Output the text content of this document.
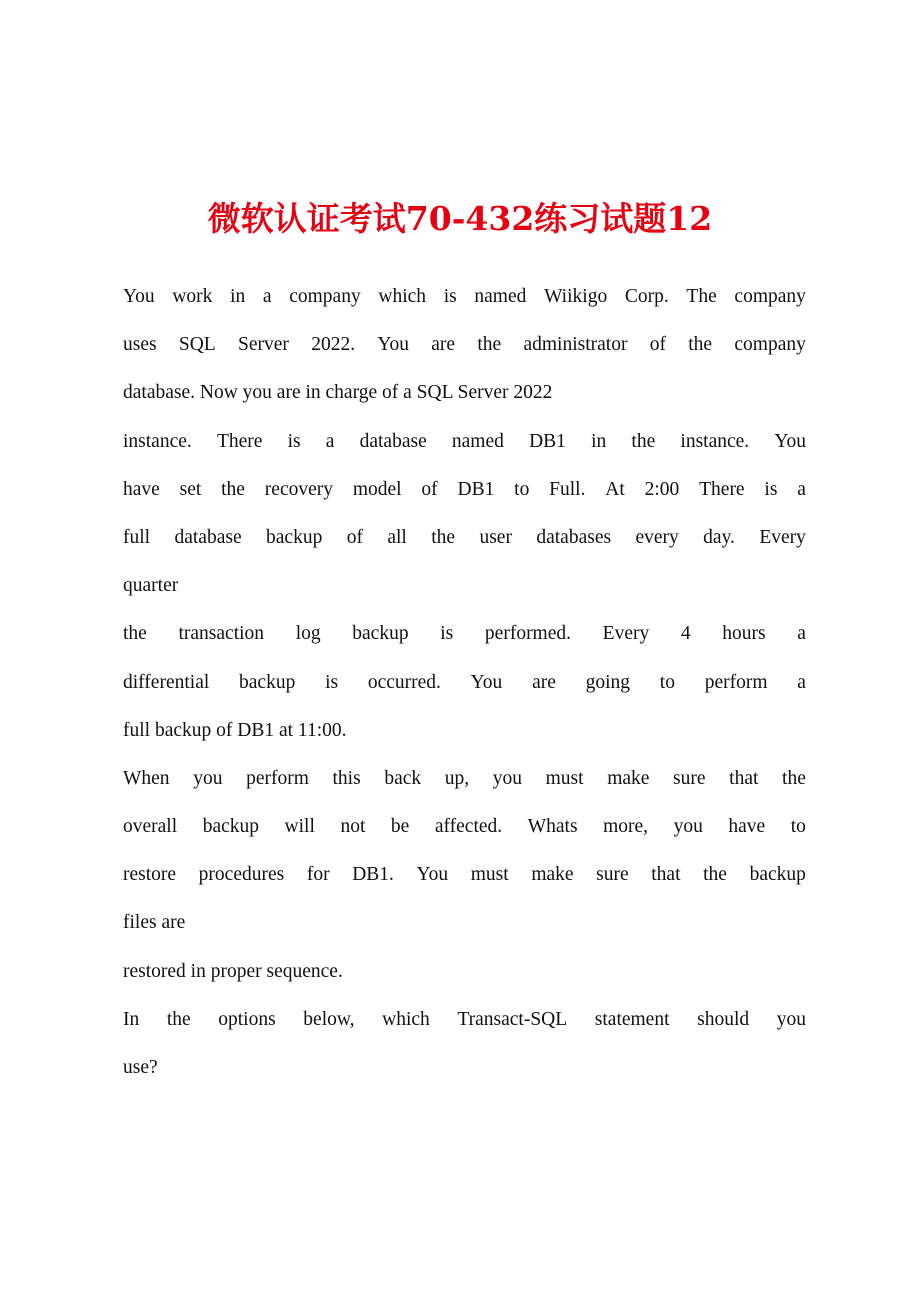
微软认证考试70-432练习试题12
You work in a company which is named Wiikigo Corp. The company
uses SQL Server 2022. You are the administrator of the company
database. Now you are in charge of a SQL Server 2022
instance. There is a database named DB1 in the instance. You
have set the recovery model of DB1 to Full. At 2:00 There is a
full database backup of all the user databases every day. Every
quarter
the transaction log backup is performed. Every 4 hours a
differential backup is occurred. You are going to perform a
full backup of DB1 at 11:00.
When you perform this back up, you must make sure that the
overall backup will not be affected. Whats more, you have to
restore procedures for DB1. You must make sure that the backup
files are
restored in proper sequence.
In the options below, which Transact-SQL statement should you
use?
